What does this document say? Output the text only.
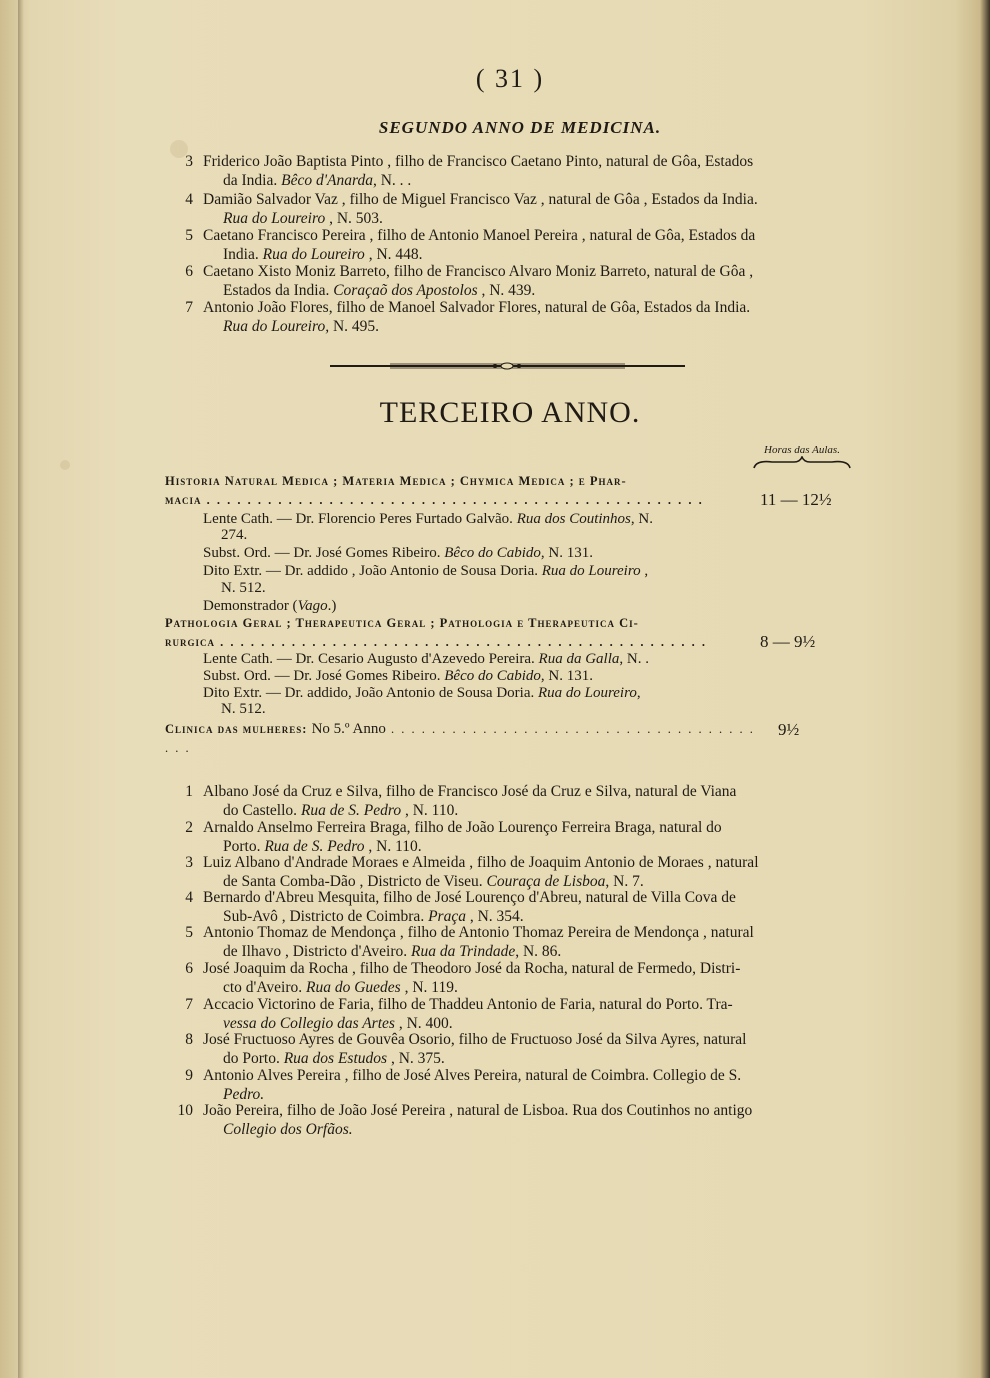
( 31 )
SEGUNDO ANNO DE MEDICINA.
3 Friderico João Baptista Pinto , filho de Francisco Caetano Pinto, natural de Gôa, Estados
da India. Bêco d'Anarda, N. . .
4 Damião Salvador Vaz , filho de Miguel Francisco Vaz , natural de Gôa , Estados da India.
Rua do Loureiro , N. 503.
5 Caetano Francisco Pereira , filho de Antonio Manoel Pereira , natural de Gôa, Estados da
India. Rua do Loureiro , N. 448.
6 Caetano Xisto Moniz Barreto, filho de Francisco Alvaro Moniz Barreto, natural de Gôa ,
Estados da India. Coraçaõ dos Apostolos , N. 439.
7 Antonio João Flores, filho de Manoel Salvador Flores, natural de Gôa, Estados da India.
Rua do Loureiro, N. 495.
TERCEIRO ANNO.
Horas das Aulas.
Historia Natural Medica ; Materia Medica ; Chymica Medica ; e Phar-
macia . . . . . . . . . . . . . . . . . . . . . . . . . . . . . . . . . . . . . . . . . . . . . . . . .	11 — 12½
Lente Cath. — Dr. Florencio Peres Furtado Galvão. Rua dos Coutinhos, N.
274.
Subst. Ord. — Dr. José Gomes Ribeiro. Bêco do Cabido, N. 131.
Dito Extr. — Dr. addido , João Antonio de Sousa Doria. Rua do Loureiro ,
N. 512.
Demonstrador (Vago.)
Pathologia Geral ; Therapeutica Geral ; Pathologia e Therapeutica Ci-
rurgica . . . . . . . . . . . . . . . . . . . . . . . . . . . . . . . . . . . . . . . . . . . . . . . .	8 — 9½
Lente Cath. — Dr. Cesario Augusto d'Azevedo Pereira. Rua da Galla, N. .
Subst. Ord. — Dr. José Gomes Ribeiro. Bêco do Cabido, N. 131.
Dito Extr. — Dr. addido, João Antonio de Sousa Doria. Rua do Loureiro,
N. 512.
Clinica das mulheres: No 5.º Anno . . . . . . . . . . . . . . . . . . . . . . . . . . . . . . . . . . . . . . .
9½
1 Albano José da Cruz e Silva, filho de Francisco José da Cruz e Silva, natural de Viana
do Castello. Rua de S. Pedro , N. 110.
2 Arnaldo Anselmo Ferreira Braga, filho de João Lourenço Ferreira Braga, natural do
Porto. Rua de S. Pedro , N. 110.
3 Luiz Albano d'Andrade Moraes e Almeida , filho de Joaquim Antonio de Moraes , natural
de Santa Comba-Dão , Districto de Viseu. Couraça de Lisboa, N. 7.
4 Bernardo d'Abreu Mesquita, filho de José Lourenço d'Abreu, natural de Villa Cova de
Sub-Avô , Districto de Coimbra. Praça , N. 354.
5 Antonio Thomaz de Mendonça , filho de Antonio Thomaz Pereira de Mendonça , natural
de Ilhavo , Districto d'Aveiro. Rua da Trindade, N. 86.
6 José Joaquim da Rocha , filho de Theodoro José da Rocha, natural de Fermedo, Distri-
cto d'Aveiro. Rua do Guedes , N. 119.
7 Accacio Victorino de Faria, filho de Thaddeu Antonio de Faria, natural do Porto. Tra-
vessa do Collegio das Artes , N. 400.
8 José Fructuoso Ayres de Gouvêa Osorio, filho de Fructuoso José da Silva Ayres, natural
do Porto. Rua dos Estudos , N. 375.
9 Antonio Alves Pereira , filho de José Alves Pereira, natural de Coimbra. Collegio de S.
Pedro.
10 João Pereira, filho de João José Pereira , natural de Lisboa. Rua dos Coutinhos no antigo
Collegio dos Orfãos.
